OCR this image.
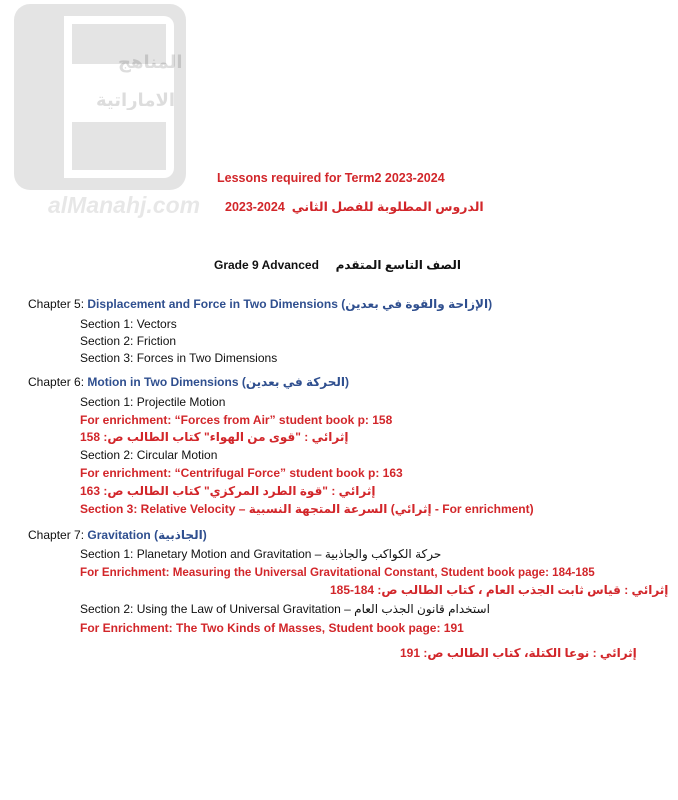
المناهج
الاماراتية
alManahj.com
Lessons required for Term2 2023-2024
2023-2024 الدروس المطلوبة للفصل الثاني
Grade 9 Advanced الصف التاسع المتقدم
Chapter 5: Displacement and Force in Two Dimensions (الإزاحة والقوة في بعدين)
Section 1: Vectors
Section 2: Friction
Section 3: Forces in Two Dimensions
Chapter 6: Motion in Two Dimensions (الحركة في بعدين)
Section 1: Projectile Motion
For enrichment: “Forces from Air” student book p: 158
إثرائي : "قوى من الهواء" كتاب الطالب ص: 158
Section 2: Circular Motion
For enrichment: “Centrifugal Force” student book p: 163
إثرائي : "قوة الطرد المركزي" كتاب الطالب ص: 163
Section 3: Relative Velocity – السرعة المتجهة النسبية (For enrichment - إثرائي)
Chapter 7: Gravitation (الجاذبية)
Section 1: Planetary Motion and Gravitation – حركة الكواكب والجاذبية
For Enrichment: Measuring the Universal Gravitational Constant, Student book page: 184-185
إثرائي : قياس ثابت الجذب العام ، كتاب الطالب ص: 184-185
Section 2: Using the Law of Universal Gravitation – استخدام قانون الجذب العام
For Enrichment: The Two Kinds of Masses, Student book page: 191
إثرائي : نوعا الكتلة، كتاب الطالب ص: 191
